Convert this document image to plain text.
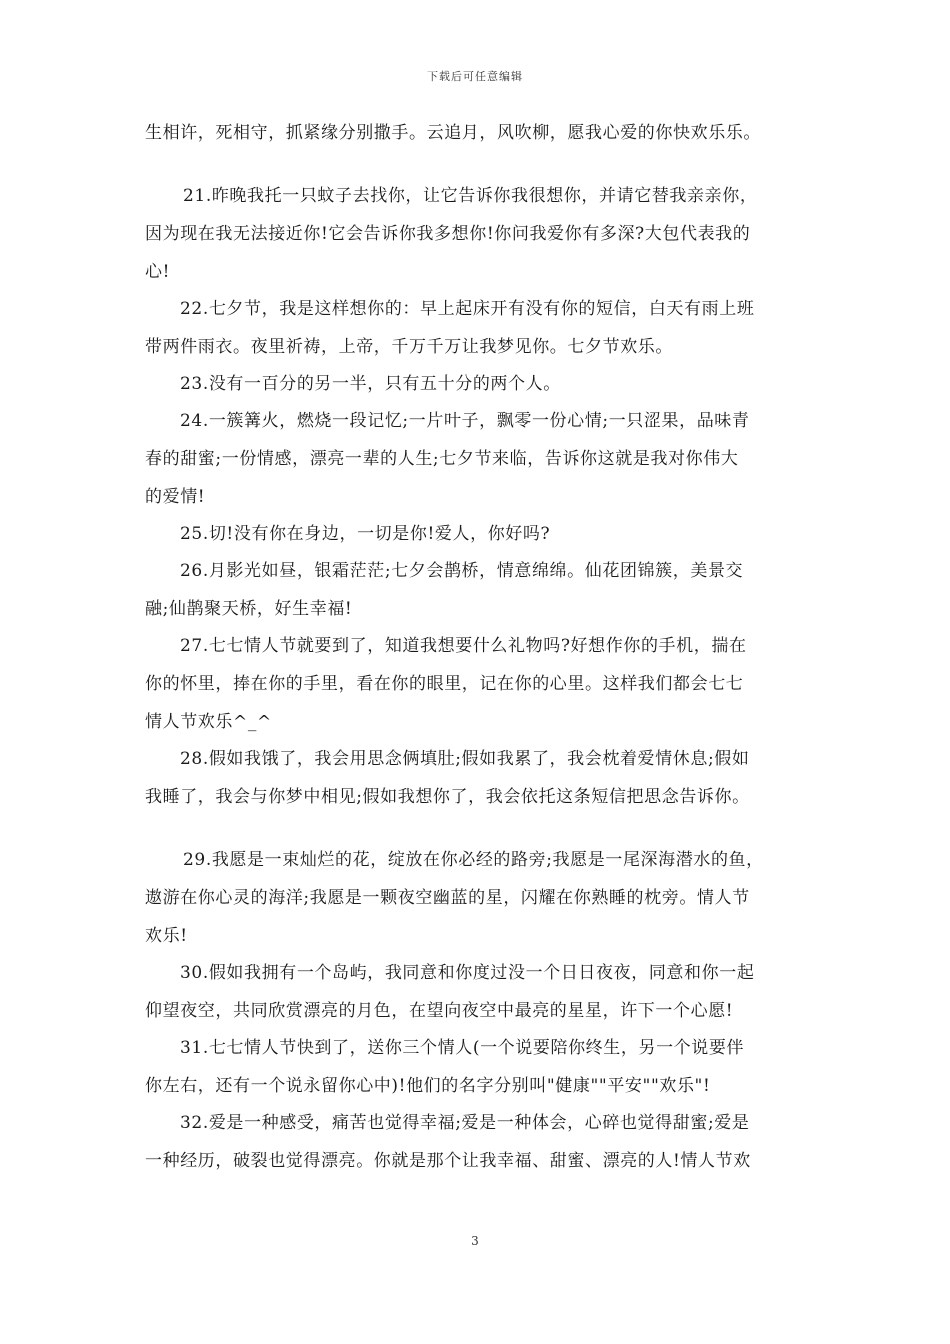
下载后可任意编辑

生相许，死相守，抓紧缘分别撒手。云追月，风吹柳，愿我心爱的你快欢乐乐。

21.昨晚我托一只蚊子去找你，让它告诉你我很想你，并请它替我亲亲你，

因为现在我无法接近你!它会告诉你我多想你!你问我爱你有多深?大包代表我的

心!

22.七夕节，我是这样想你的：早上起床开有没有你的短信，白天有雨上班

带两件雨衣。夜里祈祷，上帝，千万千万让我梦见你。七夕节欢乐。

23.没有一百分的另一半，只有五十分的两个人。

24.一簇篝火，燃烧一段记忆;一片叶子，飘零一份心情;一只涩果，品味青

春的甜蜜;一份情感，漂亮一辈的人生;七夕节来临，告诉你这就是我对你伟大

的爱情!

25.切!没有你在身边，一切是你!爱人，你好吗?

26.月影光如昼，银霜茫茫;七夕会鹊桥，情意绵绵。仙花团锦簇，美景交

融;仙鹊聚天桥，好生幸福!

27.七七情人节就要到了，知道我想要什么礼物吗?好想作你的手机，揣在

你的怀里，捧在你的手里，看在你的眼里，记在你的心里。这样我们都会七七

情人节欢乐^_^

28.假如我饿了，我会用思念俩填肚;假如我累了，我会枕着爱情休息;假如

我睡了，我会与你梦中相见;假如我想你了，我会依托这条短信把思念告诉你。

29.我愿是一束灿烂的花，绽放在你必经的路旁;我愿是一尾深海潜水的鱼，

遨游在你心灵的海洋;我愿是一颗夜空幽蓝的星，闪耀在你熟睡的枕旁。情人节

欢乐!

30.假如我拥有一个岛屿，我同意和你度过没一个日日夜夜，同意和你一起

仰望夜空，共同欣赏漂亮的月色，在望向夜空中最亮的星星，许下一个心愿!

31.七七情人节快到了，送你三个情人(一个说要陪你终生，另一个说要伴

你左右，还有一个说永留你心中)!他们的名字分别叫"健康""平安""欢乐"!

32.爱是一种感受，痛苦也觉得幸福;爱是一种体会，心碎也觉得甜蜜;爱是

一种经历，破裂也觉得漂亮。你就是那个让我幸福、甜蜜、漂亮的人!情人节欢

3
